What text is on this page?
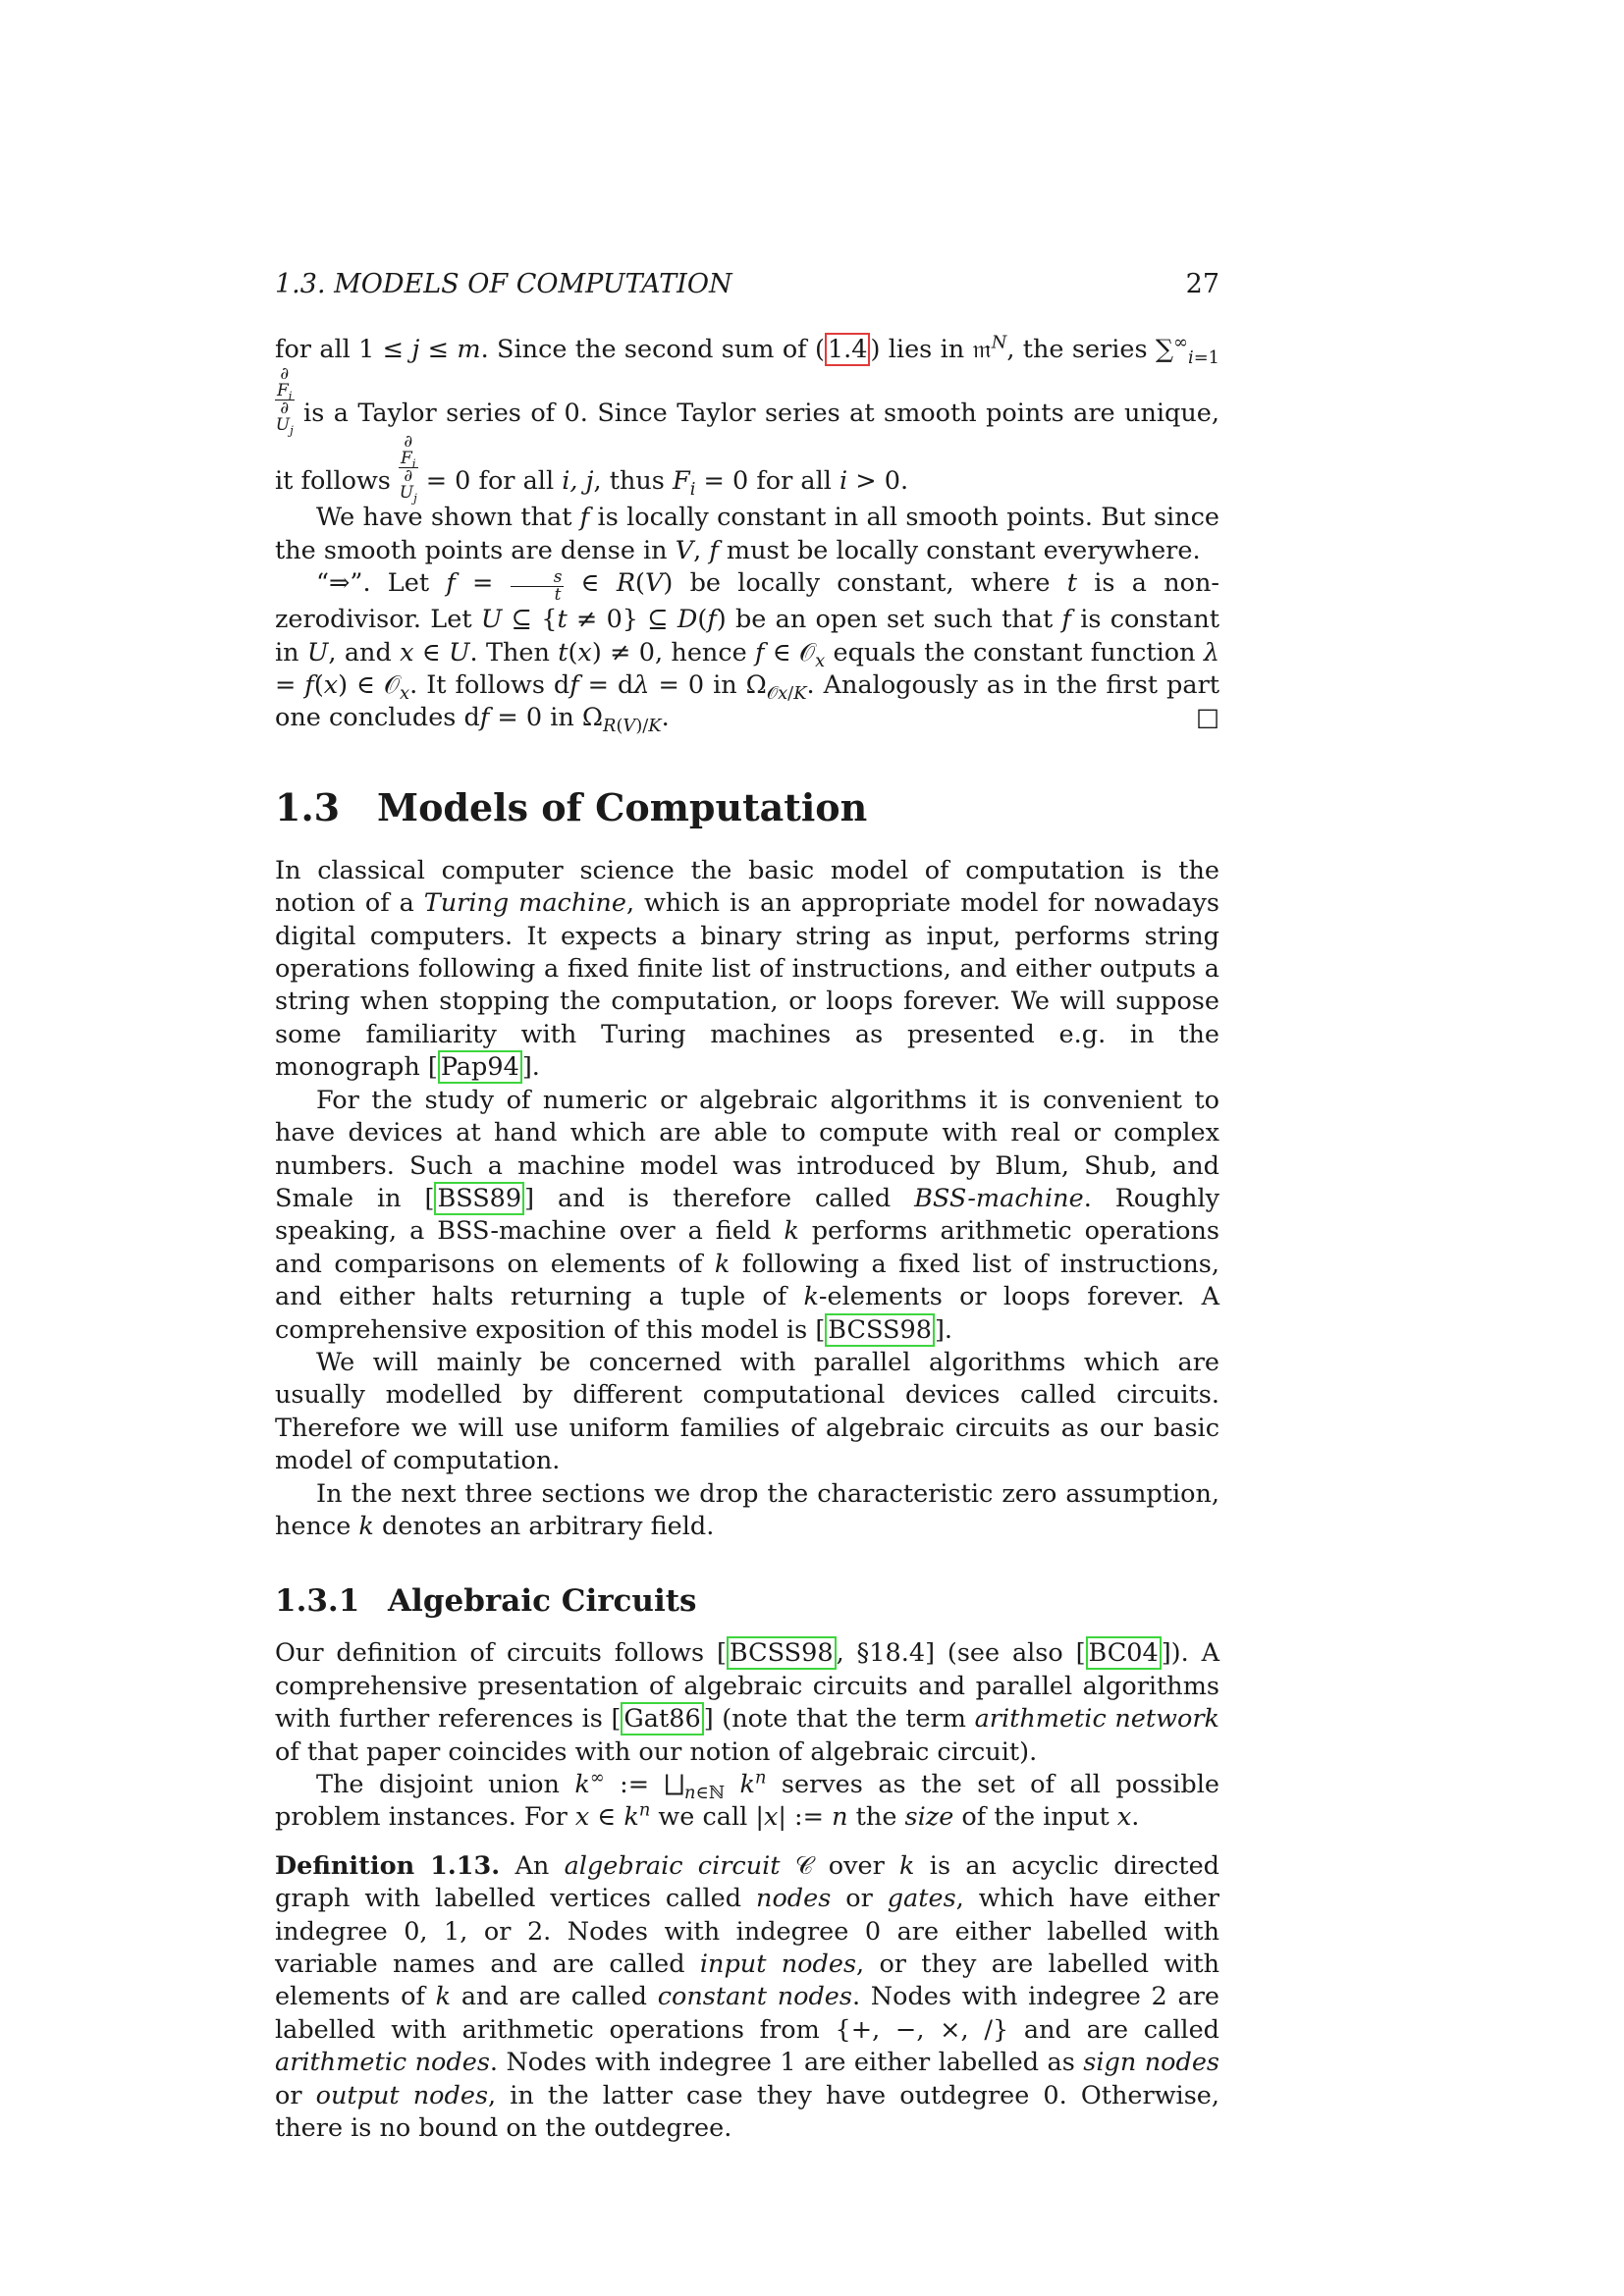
1.3. MODELS OF COMPUTATION	27

for all 1 ≤ j ≤ m. Since the second sum of ( 1.4 ) lies in 𝔪$^N$, the series $\sum^\infty_{i=1}$
∂
$F_i$
∂
$U_j$ is a Taylor series of 0. Since Taylor series at smooth points are unique, it follows ∂
$F_i$
∂
$U_j = 0$ for all i, j, thus $F_i = 0$ for all i > 0.

We have shown that f is locally constant in all smooth points. But since the smooth points are dense in V, f must be locally constant everywhere.

“⇒”. Let $f = \frac{s}{t}$ ∈ R(V) be locally constant, where t is a non-zerodivisor. Let U ⊆ {t ≠ 0} ⊆ D(f) be an open set such that f is constant in U, and x ∈ U. Then t(x) ≠ 0, hence f ∈ 𝒪$_x$ equals the constant function λ = f(x) ∈ 𝒪$_x$. It follows df = dλ = 0 in $\Omega_{𝒪x/K}$. Analogously as in the first part one concludes df = 0 in $\Omega_{R(V)/K}$.	□

1.3 Models of Computation

In classical computer science the basic model of computation is the notion of a Turing machine, which is an appropriate model for nowadays digital computers. It expects a binary string as input, performs string operations following a fixed finite list of instructions, and either outputs a string when stopping the computation, or loops forever. We will suppose some familiarity with Turing machines as presented e.g. in the monograph [ Pap94 ].

For the study of numeric or algebraic algorithms it is convenient to have devices at hand which are able to compute with real or complex numbers. Such a machine model was introduced by Blum, Shub, and Smale in [ BSS89 ] and is therefore called BSS-machine. Roughly speaking, a BSS-machine over a field k performs arithmetic operations and comparisons on elements of k following a fixed list of instructions, and either halts returning a tuple of k-elements or loops forever. A comprehensive exposition of this model is [ BCSS98 ].

We will mainly be concerned with parallel algorithms which are usually modelled by different computational devices called circuits. Therefore we will use uniform families of algebraic circuits as our basic model of computation.

In the next three sections we drop the characteristic zero assumption, hence k denotes an arbitrary field.

1.3.1 Algebraic Circuits

Our definition of circuits follows [ BCSS98 , §18.4] (see also [ BC04 ]). A comprehensive presentation of algebraic circuits and parallel algorithms with further references is [ Gat86 ] (note that the term arithmetic network of that paper coincides with our notion of algebraic circuit).

The disjoint union k∞ := $⨆_{n\in ℕ}$ $k^n$ serves as the set of all possible problem instances. For x ∈ $k^n$ we call |x| := n the size of the input x.

Definition 1.13. An algebraic circuit 𝒞 over k is an acyclic directed graph with labelled vertices called nodes or gates, which have either indegree 0, 1, or 2. Nodes with indegree 0 are either labelled with variable names and are called input nodes, or they are labelled with elements of k and are called constant nodes. Nodes with indegree 2 are labelled with arithmetic operations from {+, −, ×, /} and are called arithmetic nodes. Nodes with indegree 1 are either labelled as sign nodes or output nodes, in the latter case they have outdegree 0. Otherwise, there is no bound on the outdegree.
